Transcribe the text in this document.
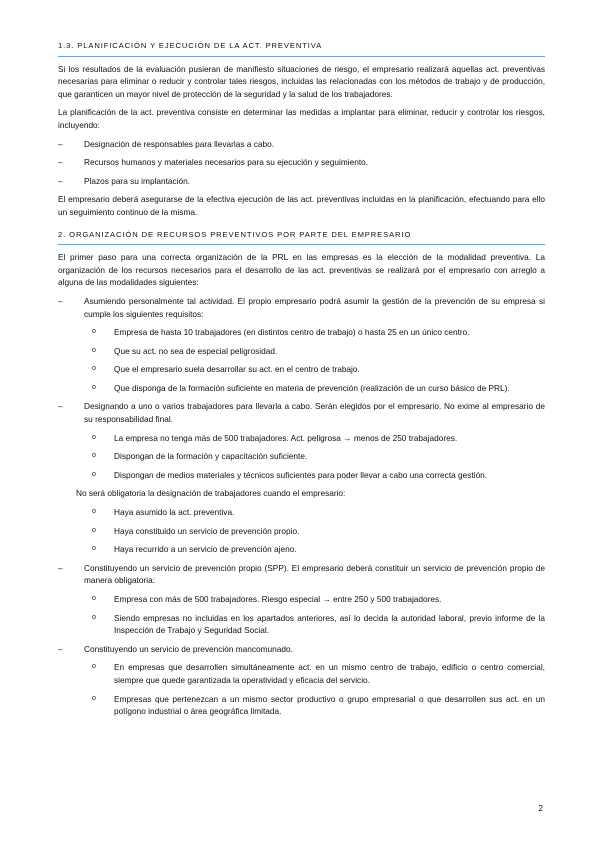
1.3. PLANIFICACIÓN Y EJECUCIÓN DE LA ACT. PREVENTIVA

Si los resultados de la evaluación pusieran de manifiesto situaciones de riesgo, el empresario realizará aquellas act. preventivas necesarias para eliminar o reducir y controlar tales riesgos, incluidas las relacionadas con los métodos de trabajo y de producción, que garanticen un mayor nivel de protección de la seguridad y la salud de los trabajadores.

La planificación de la act. preventiva consiste en determinar las medidas a implantar para eliminar, reducir y controlar los riesgos, incluyendo:

–	Designación de responsables para llevarlas a cabo.
–	Recursos humanos y materiales necesarios para su ejecución y seguimiento.
–	Plazos para su implantación.

El empresario deberá asegurarse de la efectiva ejecución de las act. preventivas incluidas en la planificación, efectuando para ello un seguimiento continuo de la misma.

2. ORGANIZACIÓN DE RECURSOS PREVENTIVOS POR PARTE DEL EMPRESARIO

El primer paso para una correcta organización de la PRL en las empresas es la elección de la modalidad preventiva. La organización de los recursos necesarios para el desarrollo de las act. preventivas se realizará por el empresario con arreglo a alguna de las modalidades siguientes:

–	Asumiendo personalmente tal actividad. El propio empresario podrá asumir la gestión de la prevención de su empresa si cumple los siguientes requisitos:
o Empresa de hasta 10 trabajadores (en distintos centro de trabajo) o hasta 25 en un único centro.
o Que su act. no sea de especial peligrosidad.
o Que el empresario suela desarrollar su act. en el centro de trabajo.
o Que disponga de la formación suficiente en materia de prevención (realización de un curso básico de PRL).
–	Designando a uno o varios trabajadores para llevarla a cabo. Serán elegidos por el empresario. No exime al empresario de su responsabilidad final.
o La empresa no tenga más de 500 trabajadores. Act. peligrosa → menos de 250 trabajadores.
o Dispongan de la formación y capacitación suficiente.
o Dispongan de medios materiales y técnicos suficientes para poder llevar a cabo una correcta gestión.
No será obligatoria la designación de trabajadores cuando el empresario:
o Haya asumido la act. preventiva.
o Haya constituido un servicio de prevención propio.
o Haya recurrido a un servicio de prevención ajeno.
–	Constituyendo un servicio de prevención propio (SPP). El empresario deberá constituir un servicio de prevención propio de manera obligatoria:
o Empresa con más de 500 trabajadores. Riesgo especial → entre 250 y 500 trabajadores.
o Siendo empresas no incluidas en los apartados anteriores, así lo decida la autoridad laboral, previo informe de la Inspección de Trabajo y Seguridad Social.
–	Constituyendo un servicio de prevención mancomunado.
o En empresas que desarrollen simultáneamente act. en un mismo centro de trabajo, edificio o centro comercial, siempre que quede garantizada la operatividad y eficacia del servicio.
o Empresas que pertenezcan a un mismo sector productivo o grupo empresarial o que desarrollen sus act. en un polígono industrial o área geográfica limitada.
2
